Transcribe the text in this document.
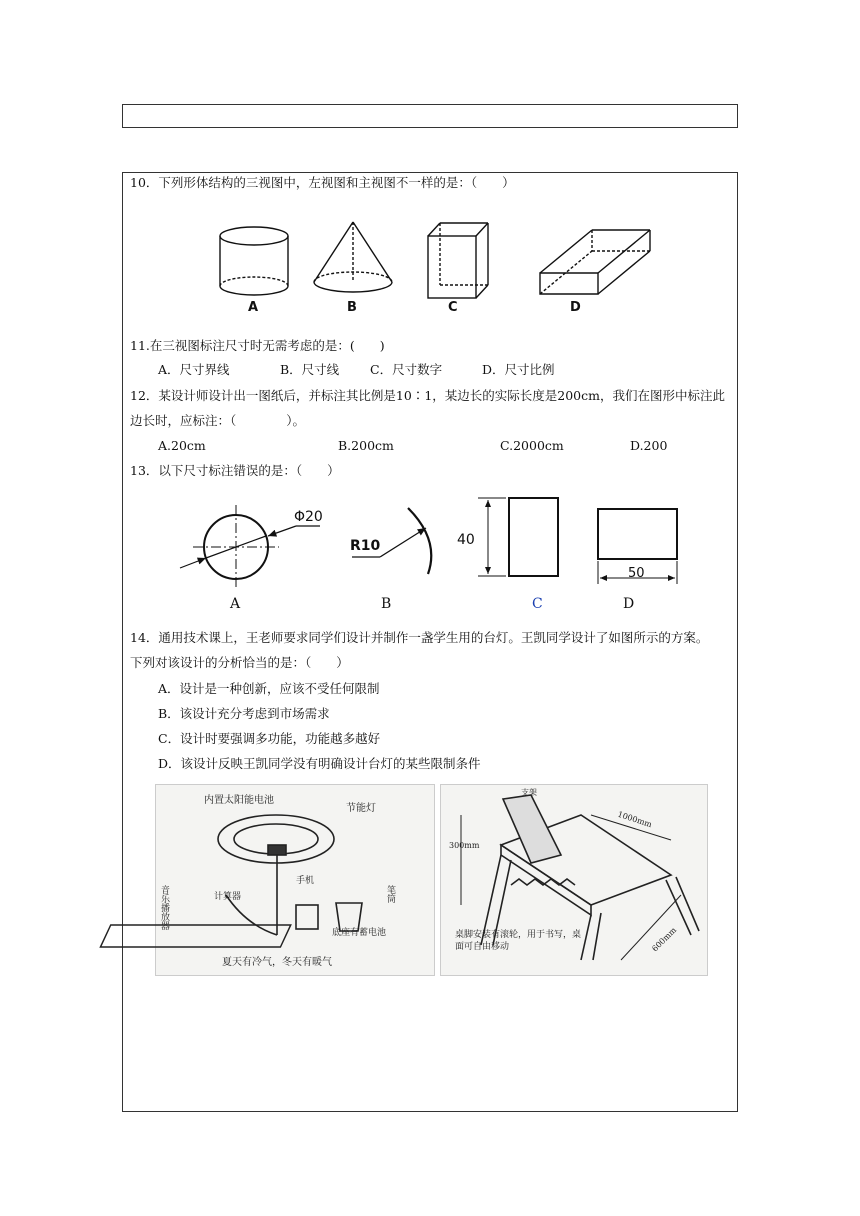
10．下列形体结构的三视图中，左视图和主视图不一样的是：（　　）
A	B	C	D
11.在三视图标注尺寸时无需考虑的是：(　　)
A．尺寸界线	B．尺寸线 C．尺寸数字	D．尺寸比例
12．某设计师设计出一图纸后，并标注其比例是10∶1，某边长的实际长度是200cm，我们在图形中标注此
边长时，应标注：（　　　　）。
A.20cm	B.200cm	C.2000cm	D.200
13．以下尺寸标注错误的是：（　　）
Φ20
R10	40
50
A	B	C	D
14．通用技术课上，王老师要求同学们设计并制作一盏学生用的台灯。王凯同学设计了如图所示的方案。
下列对该设计的分析恰当的是：（　　）
A．设计是一种创新，应该不受任何限制
B．该设计充分考虑到市场需求
C．设计时要强调多功能，功能越多越好
D．该设计反映王凯同学没有明确设计台灯的某些限制条件
内置太阳能电池
节能灯
计算器
手机
笔筒
音乐播放器
底座有蓄电池
夏天有冷气，冬天有暖气
支架
1000mm
300mm
600mm
桌脚安装有滚轮，用于书写，桌面可自由移动
